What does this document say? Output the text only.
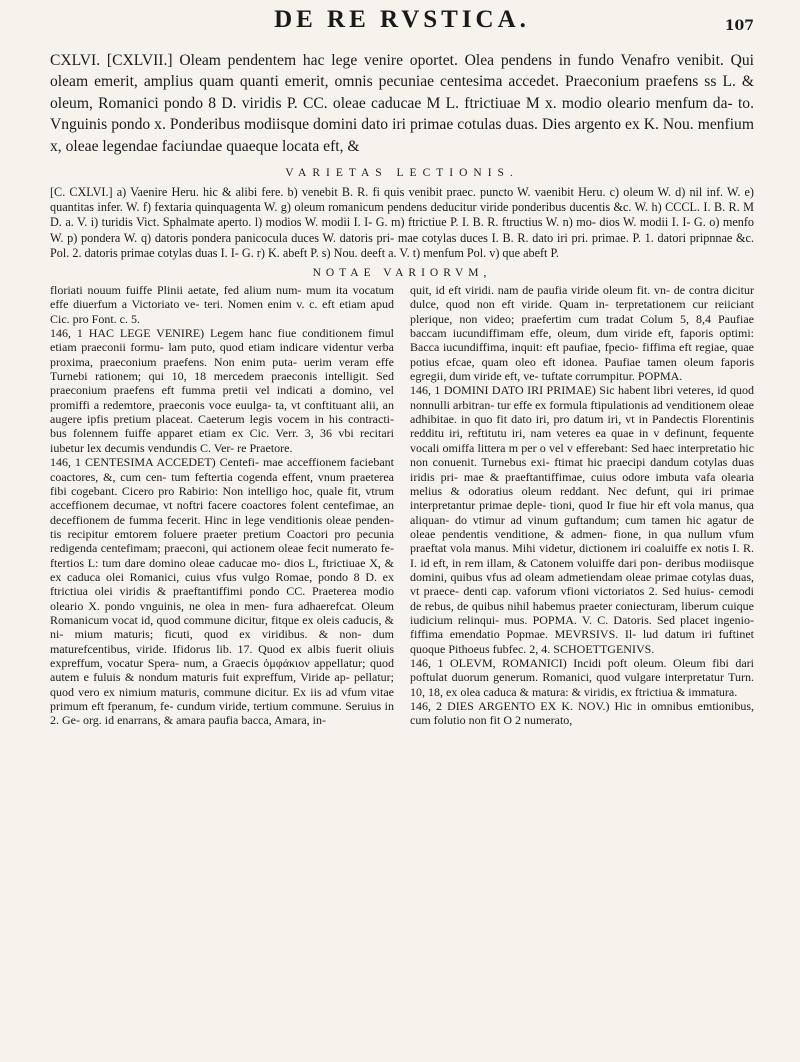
DE RE RVSTICA.	107

CXLVI. [CXLVII.] Oleam pendentem hac lege venire oportet. Olea pendens in fundo Venafro venibit. Qui oleam emerit, amplius quam quanti emerit, omnis pecuniae centesima accedet. Praeconium praefens ss L. & oleum, Romanici pondo 8 D. viridis P. CC. oleae caducae M L. ftrictiuae M x. modio oleario menfum da- to. Vnguinis pondo x. Ponderibus modiisque domini dato iri primae cotulas duas. Dies argento ex K. Nou. menfium x, oleae legendae faciundae quaeque locata eft, &

VARIETAS LECTIONIS.

[C. CXLVI.] a) Vaenire Heru. hic & alibi fere. b) venebit B. R. fi quis venibit praec. puncto W. vaenibit Heru. c) oleum W. d) nil inf. W. e) quantitas infer. W. f) fextaria quinquagenta W. g) oleum romanicum pendens deducitur viride ponderibus ducentis &c. W. h) CCCL. I. B. R. M D. a. V. i) turidis Vict. Sphalmate aperto. l) modios W. modii I. I- G. m) ftrictiue P. I. B. R. ftructius W. n) mo- dios W. modii I. I- G. o) menfo W. p) pondera W. q) datoris pondera panicocula duces W. datoris pri- mae cotylas duces I. B. R. dato iri pri. primae. P. 1. datori pripnnae &c. Pol. 2. datoris primae cotylas duas I. I- G. r) K. abeft P. s) Nou. deeft a. V. t) menfum Pol. v) que abeft P.

NOTAE VARIORVM,

floriati nouum fuiffe Plinii aetate, fed alium num- mum ita vocatum effe diuerfum a Victoriato ve- teri. Nomen enim v. c. eft etiam apud Cic. pro Font. c. 5.

146, 1 HAC LEGE VENIRE) Legem hanc fiue conditionem fimul etiam praeconii formu- lam puto, quod etiam indicare videntur verba proxima, praeconium praefens. Non enim puta- uerim veram effe Turnebi rationem; qui 10, 18 mercedem praeconis intelligit. Sed praeconium praefens eft fumma pretii vel indicati a domino, vel promiffi a redemtore, praeconis voce euulga- ta, vt conftituant alii, an augere ipfis pretium placeat. Caeterum legis vocem in his contracti- bus folennem fuiffe apparet etiam ex Cic. Verr. 3, 36 vbi recitari iubetur lex decumis vendundis C. Ver- re Praetore.

146, 1 CENTESIMA ACCEDET) Centefi- mae acceffionem faciebant coactores, &, cum cen- tum feftertia cogenda effent, vnum praeterea fibi cogebant. Cicero pro Rabirio: Non intelligo hoc, quale fit, vtrum acceffionem decumae, vt noftri facere coactores folent centefimae, an deceffionem de fumma fecerit. Hinc in lege venditionis oleae penden- tis recipitur emtorem foluere praeter pretium Coactori pro pecunia redigenda centefimam; praeconi, qui actionem oleae fecit numerato fe- ftertios L: tum dare domino oleae caducae mo- dios L, ftrictiuae X, & ex caduca olei Romanici, cuius vfus vulgo Romae, pondo 8 D. ex ftrictiua olei viridis & praeftantiffimi pondo CC. Praeterea modio oleario X. pondo vnguinis, ne olea in men- fura adhaerefcat. Oleum Romanicum vocat id, quod commune dicitur, fitque ex oleis caducis, & ni- mium maturis; ficuti, quod ex viridibus. & non- dum maturefcentibus, viride. Ifidorus lib. 17. Quod ex albis fuerit oliuis expreffum, vocatur Spera- num, a Graecis ὀμφάκιον appellatur; quod autem e fuluis & nondum maturis fuit expreffum, Viride ap- pellatur; quod vero ex nimium maturis, commune dicitur. Ex iis ad vfum vitae primum eft fperanum, fe- cundum viride, tertium commune. Seruius in 2. Ge- org. id enarrans, & amara paufia bacca, Amara, in-

quit, id eft viridi. nam de paufia viride oleum fit. vn- de contra dicitur dulce, quod non eft viride. Quam in- terpretationem cur reiiciant plerique, non video; praefertim cum tradat Colum 5, 8,4 Paufiae baccam iucundiffimam effe, oleum, dum viride eft, faporis optimi: Bacca iucundiffima, inquit: eft paufiae, fpecio- fiffima eft regiae, quae potius efcae, quam oleo eft idonea. Paufiae tamen oleum faporis egregii, dum viride eft, ve- tuftate corrumpitur. POPMA.

146, 1 DOMINI DATO IRI PRIMAE) Sic habent libri veteres, id quod nonnulli arbitran- tur effe ex formula ftipulationis ad venditionem oleae adhibitae. in quo fit dato iri, pro datum iri, vt in Pandectis Florentinis redditu iri, reftitutu iri, nam veteres ea quae in v definunt, fequente vocali omiffa littera m per o vel v efferebant: Sed haec interpretatio hic non conuenit. Turnebus exi- ftimat hic praecipi dandum cotylas duas iridis pri- mae & praeftantiffimae, cuius odore imbuta vafa olearia melius & odoratius oleum reddant. Nec defunt, qui iri primae interpretantur primae deple- tioni, quod Ir fiue hir eft vola manus, qua aliquan- do vtimur ad vinum guftandum; cum tamen hic agatur de oleae pendentis venditione, & admen- fione, in qua nullum vfum praeftat vola manus. Mihi videtur, dictionem iri coaluiffe ex notis I. R. I. id eft, in rem illam, & Catonem voluiffe dari pon- deribus modiisque domini, quibus vfus ad oleam admetiendam oleae primae cotylas duas, vt praece- denti cap. vaforum vfioni victoriatos 2. Sed huius- cemodi de rebus, de quibus nihil habemus praeter coniecturam, liberum cuique iudicium relinqui- mus. POPMA. V. C. Datoris. Sed placet ingenio- fiffima emendatio Popmae. MEVRSIVS. Il- lud datum iri fuftinet quoque Pithoeus fubfec. 2, 4. SCHOETTGENIVS.

146, 1 OLEVM, ROMANICI) Incidi poft oleum. Oleum fibi dari poftulat duorum generum. Romanici, quod vulgare interpretatur Turn. 10, 18, ex olea caduca & matura: & viridis, ex ftrictiua & immatura.

146, 2 DIES ARGENTO EX K. NOV.) Hic in omnibus emtionibus, cum folutio non fit O 2 numerato,
